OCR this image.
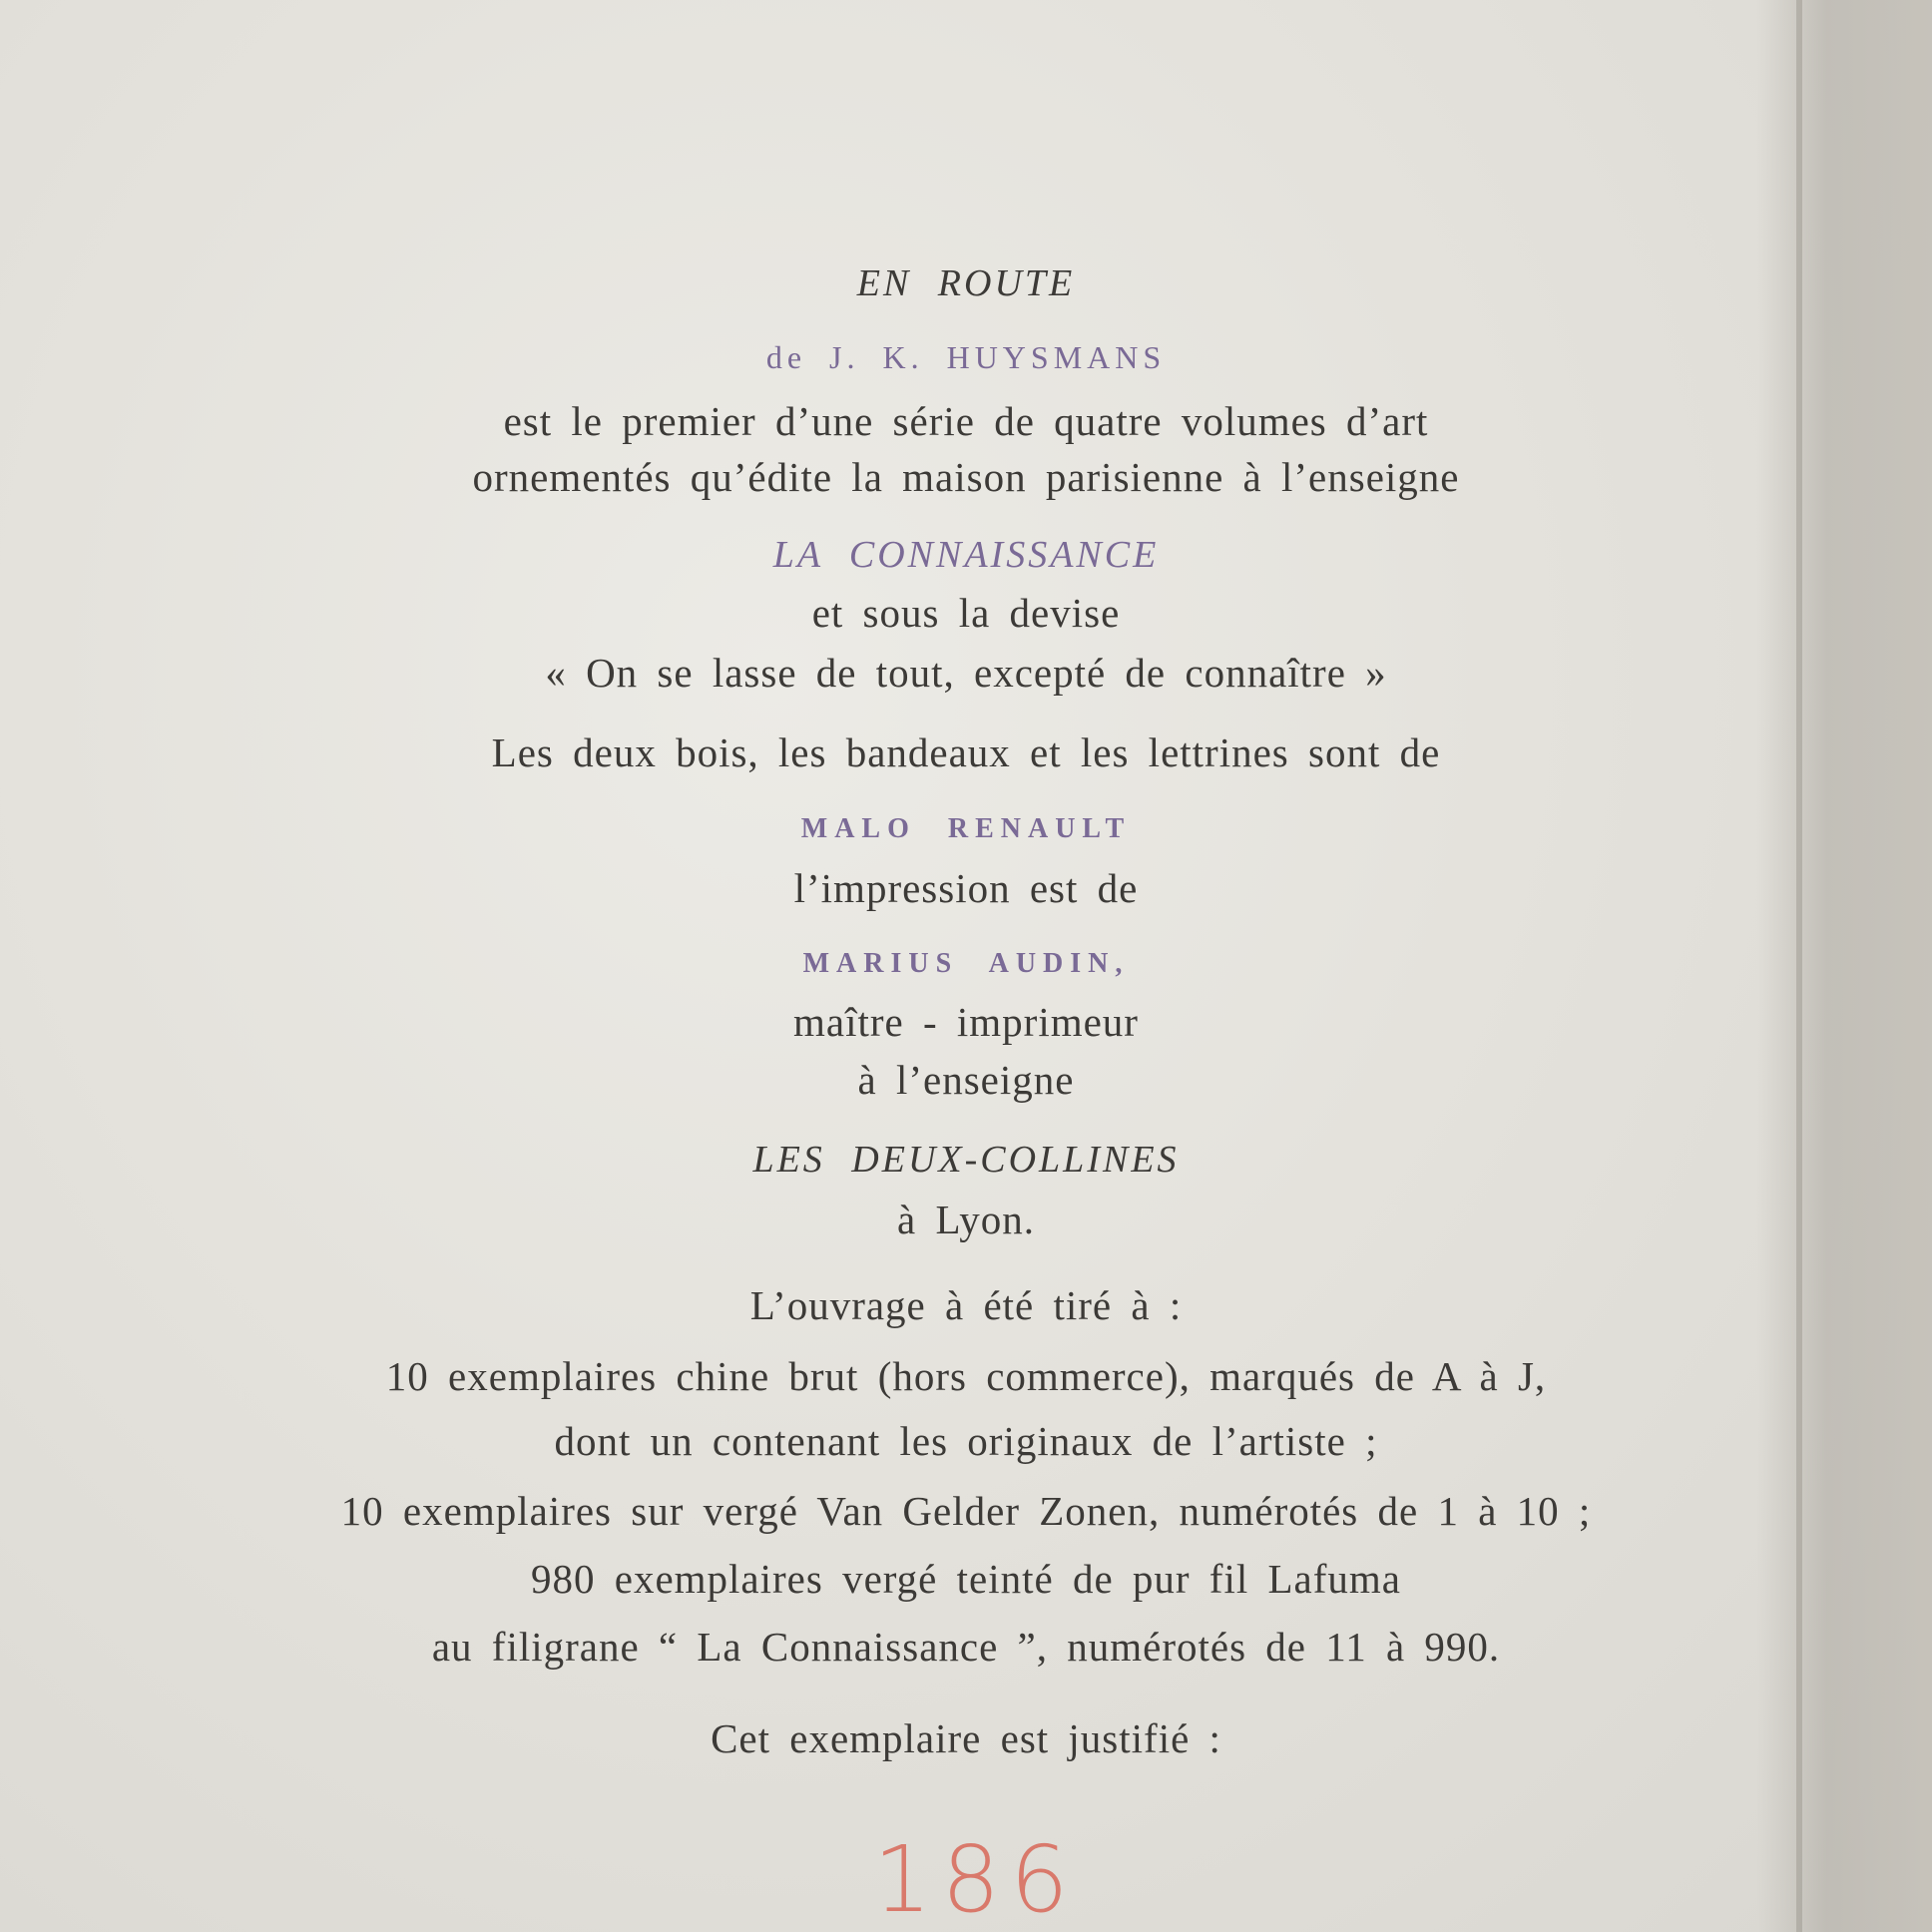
EN ROUTE
de J. K. HUYSMANS
est le premier d’une série de quatre volumes d’art
ornementés qu’édite la maison parisienne à l’enseigne
LA CONNAISSANCE
et sous la devise
« On se lasse de tout, excepté de connaître »
Les deux bois, les bandeaux et les lettrines sont de
MALO RENAULT
l’impression est de
MARIUS AUDIN,
maître - imprimeur
à l’enseigne
LES DEUX-COLLINES
à Lyon.
L’ouvrage à été tiré à :
10 exemplaires chine brut (hors commerce), marqués de A à J,
dont un contenant les originaux de l’artiste ;
10 exemplaires sur vergé Van Gelder Zonen, numérotés de 1 à 10 ;
980 exemplaires vergé teinté de pur fil Lafuma
au filigrane “ La Connaissance ”, numérotés de 11 à 990.
Cet exemplaire est justifié :
186
